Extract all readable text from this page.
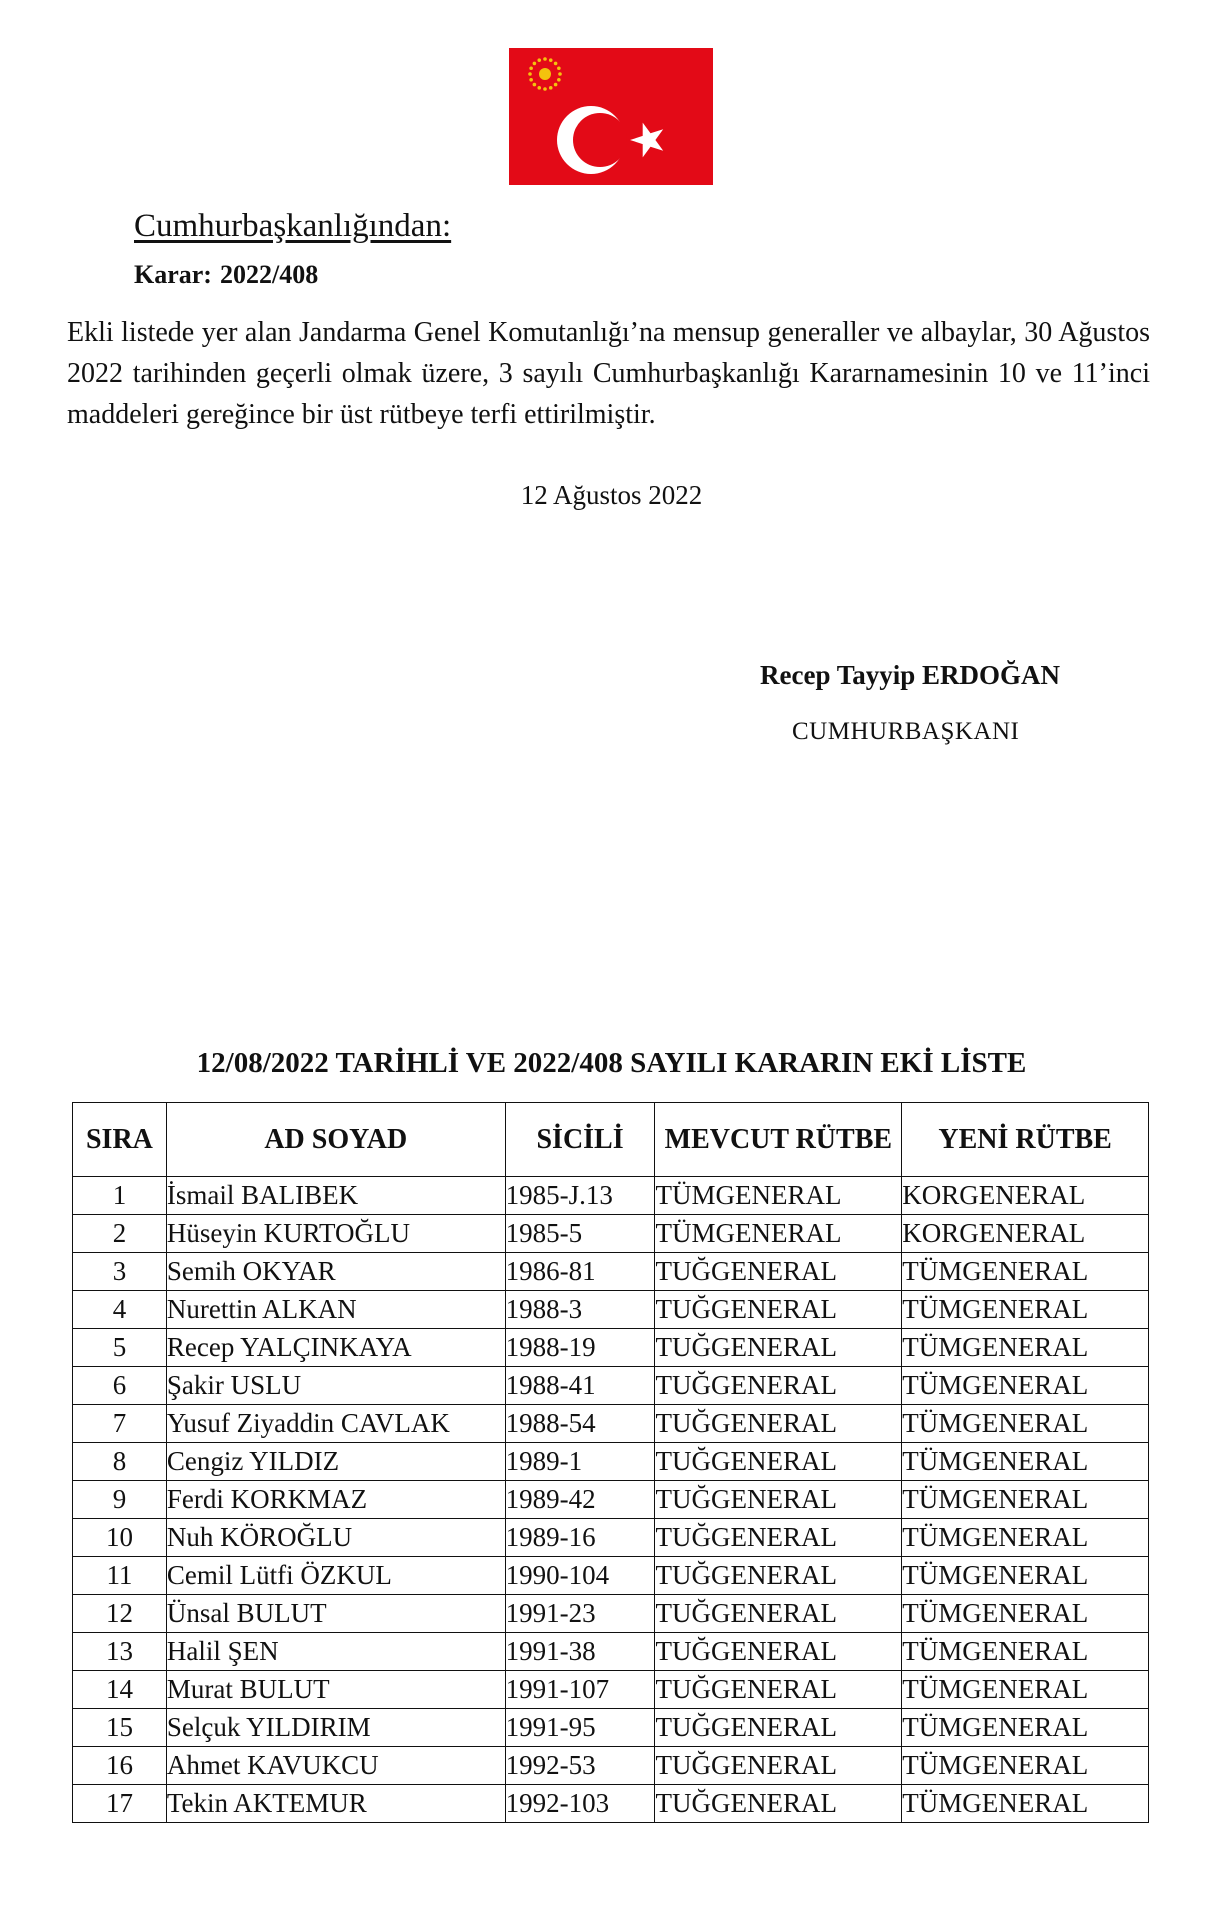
Cumhurbaşkanlığından:
Karar: 2022/408
Ekli listede yer alan Jandarma Genel Komutanlığı’na mensup generaller ve albaylar, 30 Ağustos 2022 tarihinden geçerli olmak üzere, 3 sayılı Cumhurbaşkanlığı Kararnamesinin 10 ve 11’inci maddeleri gereğince bir üst rütbeye terfi ettirilmiştir.
12 Ağustos 2022
Recep Tayyip ERDOĞAN
CUMHURBAŞKANI
12/08/2022 TARİHLİ VE 2022/408 SAYILI KARARIN EKİ LİSTE
SIRA	AD SOYAD	SİCİLİ	MEVCUT RÜTBE	YENİ RÜTBE
1	İsmail BALIBEK	1985-J.13	TÜMGENERAL	KORGENERAL
2	Hüseyin KURTOĞLU	1985-5	TÜMGENERAL	KORGENERAL
3	Semih OKYAR	1986-81	TUĞGENERAL	TÜMGENERAL
4	Nurettin ALKAN	1988-3	TUĞGENERAL	TÜMGENERAL
5	Recep YALÇINKAYA	1988-19	TUĞGENERAL	TÜMGENERAL
6	Şakir USLU	1988-41	TUĞGENERAL	TÜMGENERAL
7	Yusuf Ziyaddin CAVLAK	1988-54	TUĞGENERAL	TÜMGENERAL
8	Cengiz YILDIZ	1989-1	TUĞGENERAL	TÜMGENERAL
9	Ferdi KORKMAZ	1989-42	TUĞGENERAL	TÜMGENERAL
10	Nuh KÖROĞLU	1989-16	TUĞGENERAL	TÜMGENERAL
11	Cemil Lütfi ÖZKUL	1990-104	TUĞGENERAL	TÜMGENERAL
12	Ünsal BULUT	1991-23	TUĞGENERAL	TÜMGENERAL
13	Halil ŞEN	1991-38	TUĞGENERAL	TÜMGENERAL
14	Murat BULUT	1991-107	TUĞGENERAL	TÜMGENERAL
15	Selçuk YILDIRIM	1991-95	TUĞGENERAL	TÜMGENERAL
16	Ahmet KAVUKCU	1992-53	TUĞGENERAL	TÜMGENERAL
17	Tekin AKTEMUR	1992-103	TUĞGENERAL	TÜMGENERAL
